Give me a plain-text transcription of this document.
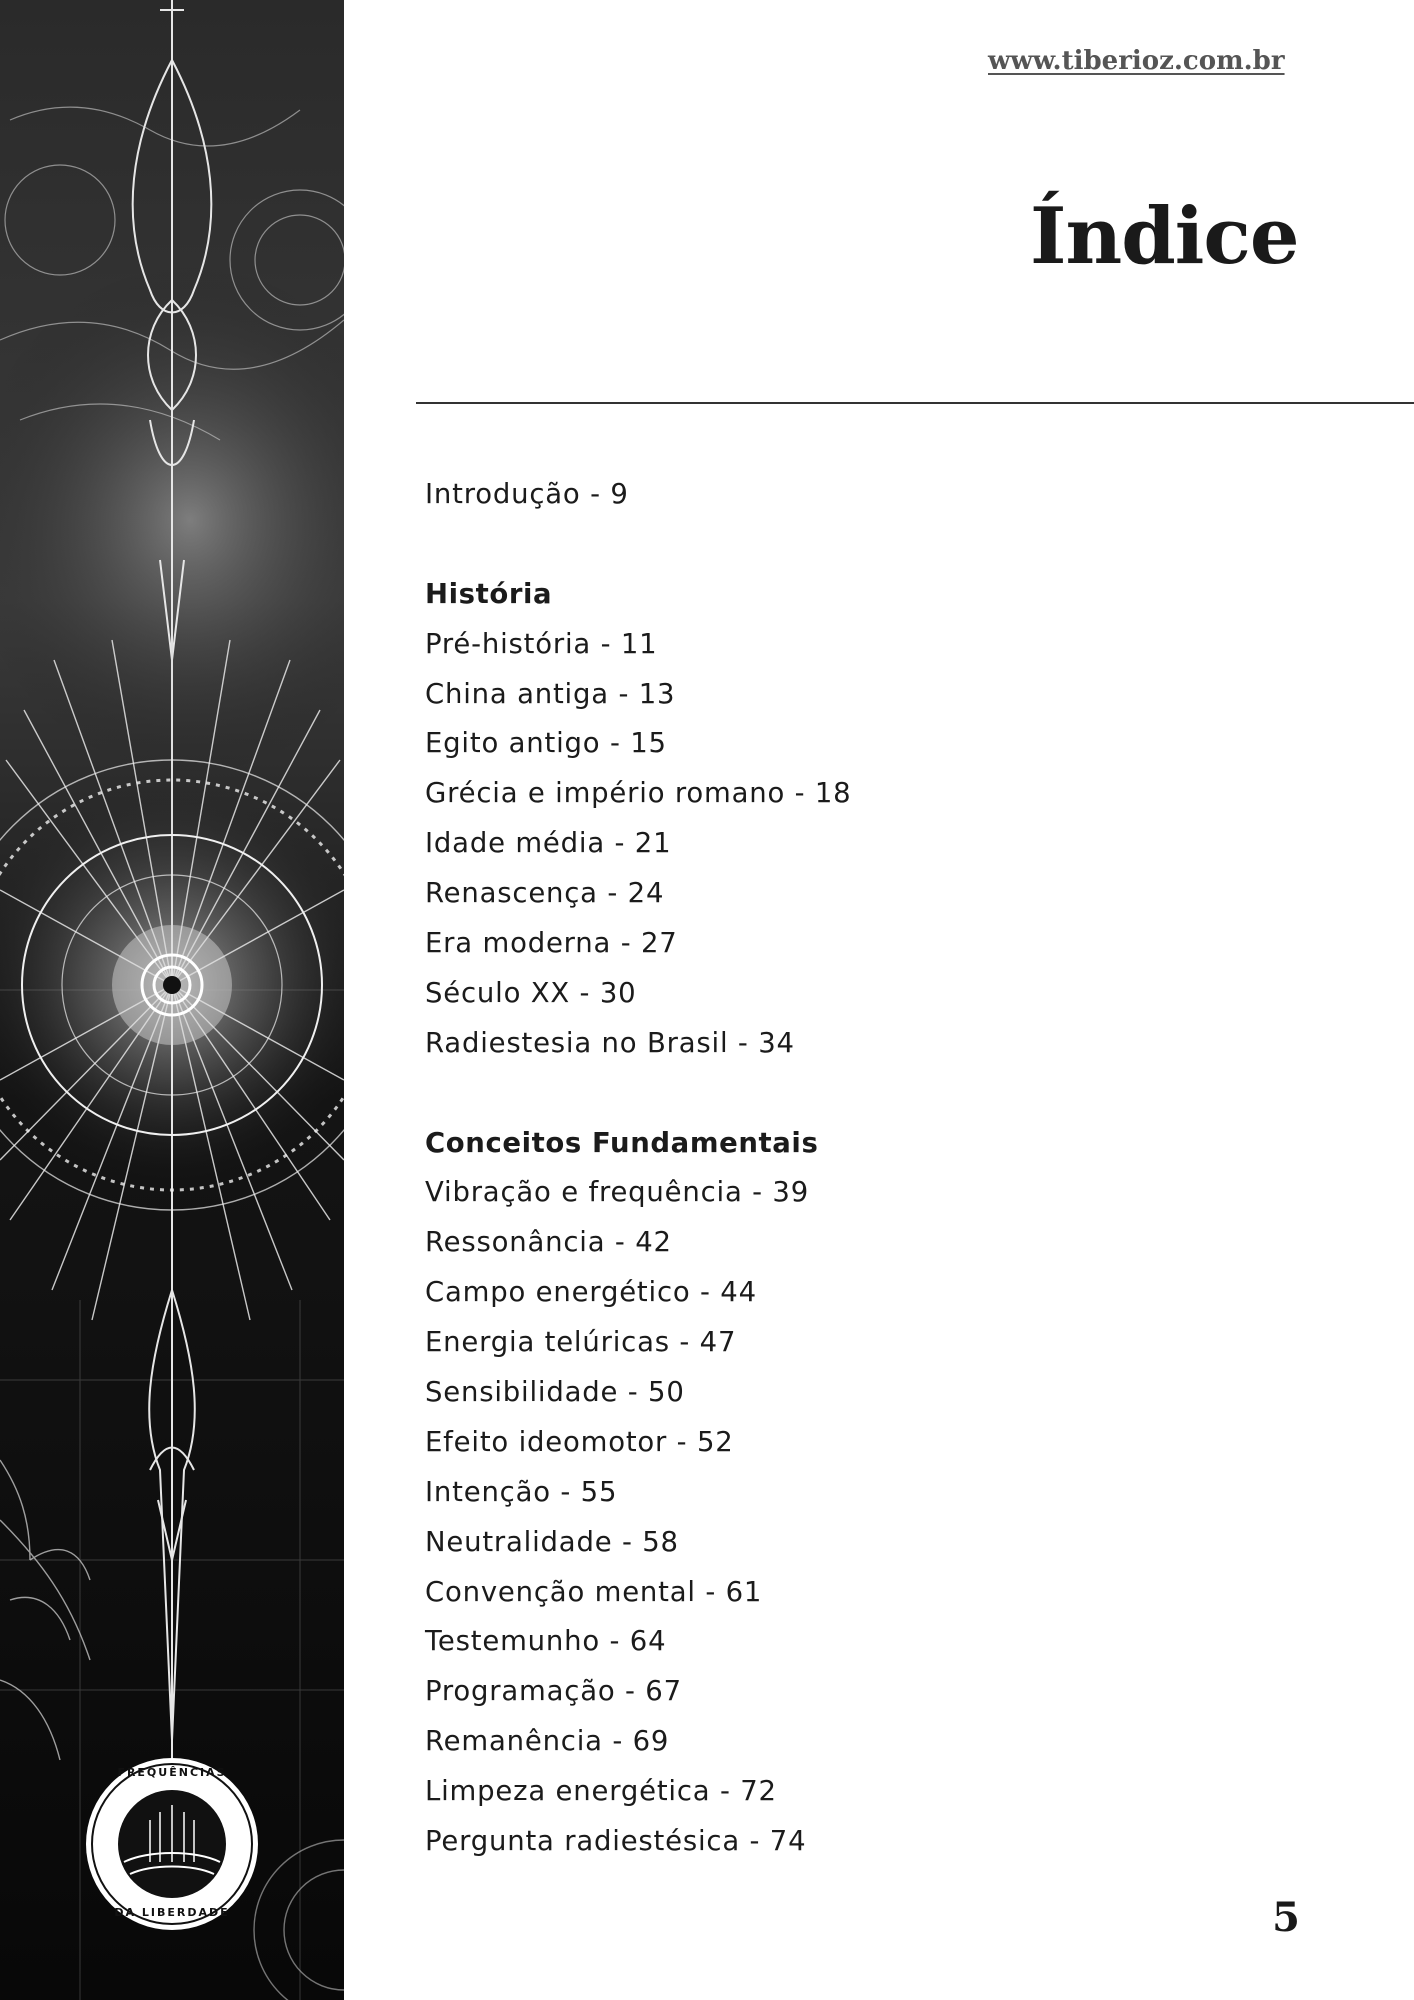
FREQUÊNCIAS
DA LIBERDADE
www.tiberioz.com.br
Índice
Introdução - 9
História
Pré-história - 11
China antiga - 13
Egito antigo - 15
Grécia e império romano - 18
Idade média - 21
Renascença - 24
Era moderna - 27
Século XX - 30
Radiestesia no Brasil - 34
Conceitos Fundamentais
Vibração e frequência - 39
Ressonância - 42
Campo energético - 44
Energia telúricas - 47
Sensibilidade - 50
Efeito ideomotor - 52
Intenção - 55
Neutralidade - 58
Convenção mental - 61
Testemunho - 64
Programação - 67
Remanência - 69
Limpeza energética - 72
Pergunta radiestésica - 74
5
